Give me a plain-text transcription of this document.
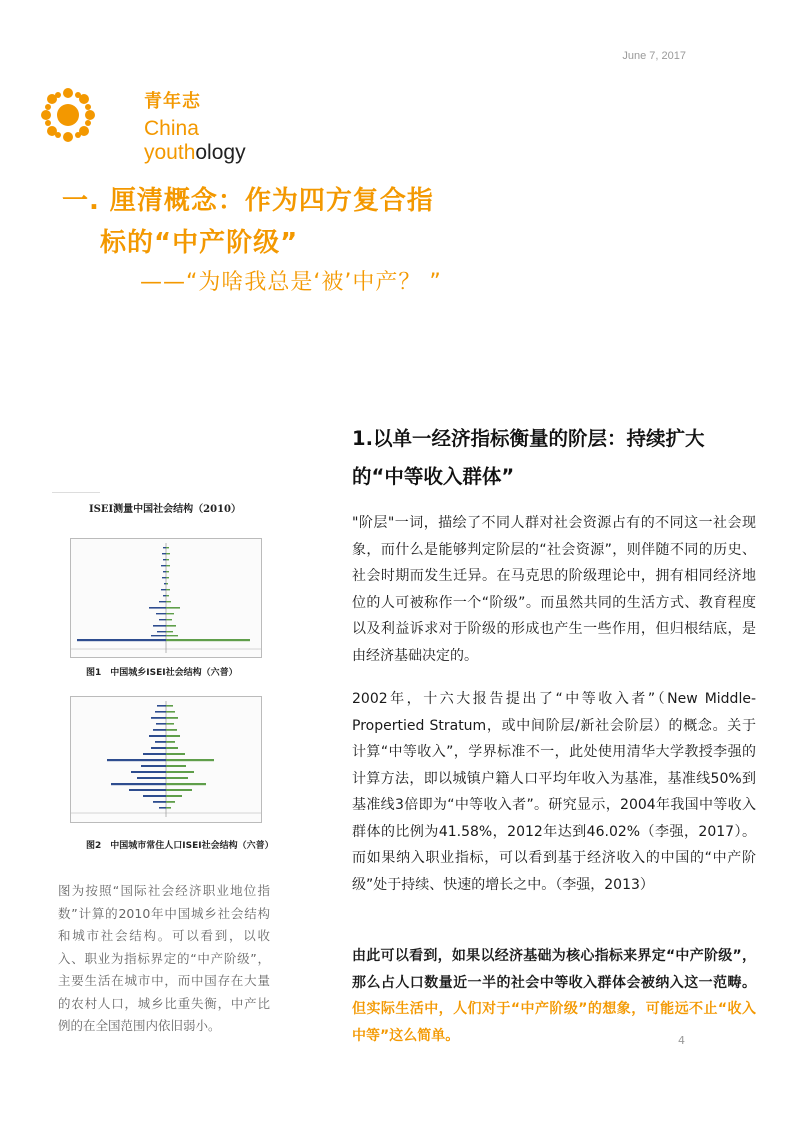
June 7, 2017
青年志
China youthology
一. 厘清概念：作为四方复合指
标的“中产阶级”
——“为啥我总是‘被’中产？ ”
1.以单一经济指标衡量的阶层：持续扩大
的“中等收入群体”
"阶层"一词，描绘了不同人群对社会资源占有的不同这一社会现象，而什么是能够判定阶层的“社会资源”，则伴随不同的历史、社会时期而发生迁异。在马克思的阶级理论中，拥有相同经济地位的人可被称作一个“阶级”。而虽然共同的生活方式、教育程度以及利益诉求对于阶级的形成也产生一些作用，但归根结底，是由经济基础决定的。
2002年，十六大报告提出了“中等收入者”（New Middle-Propertied Stratum，或中间阶层/新社会阶层）的概念。关于计算“中等收入”，学界标准不一，此处使用清华大学教授李强的计算方法，即以城镇户籍人口平均年收入为基准，基准线50%到基准线3倍即为“中等收入者”。研究显示，2004年我国中等收入群体的比例为41.58%，2012年达到46.02%（李强，2017）。而如果纳入职业指标，可以看到基于经济收入的中国的“中产阶级”处于持续、快速的增长之中。（李强，2013）
由此可以看到，如果以经济基础为核心指标来界定“中产阶级”，那么占人口数量近一半的社会中等收入群体会被纳入这一范畴。但实际生活中，人们对于“中产阶级”的想象，可能远不止“收入中等”这么简单。
ISEI测量中国社会结构（2010）
图1　中国城乡ISEI社会结构（六普）
图2　中国城市常住人口ISEI社会结构（六普）
图为按照“国际社会经济职业地位指数”计算的2010年中国城乡社会结构和城市社会结构。可以看到，以收入、职业为指标界定的“中产阶级”，主要生活在城市中，而中国存在大量的农村人口，城乡比重失衡，中产比例的在全国范围内依旧弱小。
4
